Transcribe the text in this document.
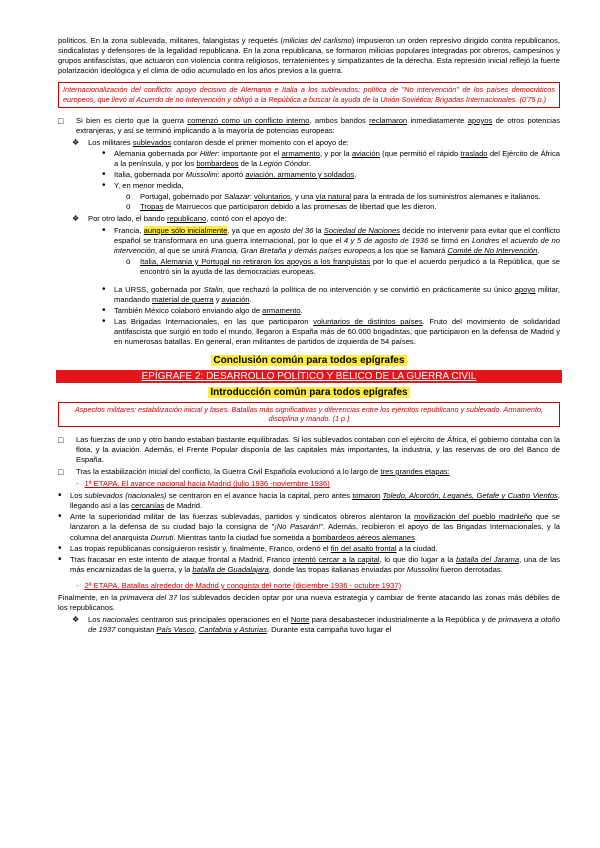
políticos. En la zona sublevada, militares, falangistas y requetés (milicias del carlismo) impusieron un orden represivo dirigido contra republicanos, sindicalistas y defensores de la legalidad republicana. En la zona republicana, se formaron milicias populares integradas por obreros, campesinos y grupos antifascistas, que actuaron con violencia contra religiosos, terratenientes y simpatizantes de la derecha. Esta represión inicial reflejó la fuerte polarización ideológica y el clima de odio acumulado en los años previos a la guerra.

Internacionalización del conflicto: apoyo decisivo de Alemania e Italia a los sublevados; política de "No intervención" de los países democráticos europeos, que llevó al Acuerdo de no Intervención y obligó a la República a buscar la ayuda de la Unión Soviética; Brigadas Internacionales. (0'75 p.)
□	Si bien es cierto que la guerra comenzó como un conflicto interno, ambos bandos reclamaron inmediatamente apoyos de otros potencias extranjeras, y así se terminó implicando a la mayoría de potencias europeas:
❖	Los militares sublevados contaron desde el primer momento con el apoyo de:
• Alemania gobernada por Hitler: importante por el armamento, y por la aviación (que permitió el rápido traslado del Ejército de África a la península, y por los bombardeos de la Legión Cóndor.
• Italia, gobernada por Mussolini: aportó aviación, armamento y soldados.
• Y, en menor medida,
o Portugal, gobernado por Salazar: voluntarios, y una vía natural para la entrada de los suministros alemanes e italianos.
o Tropas de Marruecos que participaron debido a las promesas de libertad que les dieron.
❖	Por otro lado, el bando republicano, contó con el apoyo de:
• Francia, aunque sólo inicialmente, ya que en agosto del 36 la Sociedad de Naciones decide no intervenir para evitar que el conflicto español se transformara en una guerra internacional, por lo que el 4 y 5 de agosto de 1936 se firmó en Londres el acuerdo de no intervención, al que se unirá Francia, Gran Bretaña y demás países europeos a los que se llamará Comité de No Intervención.
o Italia, Alemania y Portugal no retiraron los apoyos a los franquistas por lo que el acuerdo perjudicó a la República, que se encontró sin la ayuda de las democracias europeas.
• La URSS, gobernada por Stalin, que rechazó la política de no intervención y se convirtió en prácticamente su único apoyo militar, mandando material de guerra y aviación.
• También México colaboró enviando algo de armamento.
• Las Brigadas Internacionales, en las que participaron voluntarios de distintos países. Fruto del movimiento de solidaridad antifascista que surgió en todo el mundo, llegaron a España más de 60.000 brigadistas, que participaron en la defensa de Madrid y en numerosas batallas. En general, eran militantes de partidos de izquierda de 54 países.
Conclusión común para todos epígrafes
EPÍGRAFE 2: DESARROLLO POLÍTICO Y BÉLICO DE LA GUERRA CIVIL
Introducción común para todos epígrafes
Aspectos militares: estabilización inicial y fases. Batallas más significativas y diferencias entre los ejércitos republicano y sublevado. Armamento, disciplina y mando. (1 p.)
□	Las fuerzas de uno y otro bando estaban bastante equilibradas. Si los sublevados contaban con el ejército de África, el gobierno contaba con la flota, y la aviación. Además, el Frente Popular disponía de las capitales más importantes, la industria, y las reservas de oro del Banco de España.
□	Tras la estabilización inicial del conflicto, la Guerra Civil Española evolucionó a lo largo de tres grandes etapas:
- 1ª ETAPA. El avance nacional hacia Madrid (julio 1936 -noviembre 1936)
• Los sublevados (nacionales) se centraron en el avance hacia la capital, pero antes tomaron Toledo, Alcorcón, Leganés, Getafe y Cuatro Vientos, llegando así a las cercanías de Madrid.
• Ante la superioridad militar de las fuerzas sublevadas, partidos y sindicatos obreros alentaron la movilización del pueblo madrileño que se lanzaron a la defensa de su ciudad bajo la consigna de "¡No Pasarán!". Además, recibieron el apoyo de las Brigadas Internacionales, y la columna del anarquista Durruti. Mientras tanto la ciudad fue sometida a bombardeos aéreos alemanes.
• Las tropas republicanas consiguieron resistir y, finalmente, Franco, ordenó el fin del asalto frontal a la ciudad.
• Tras fracasar en este intento de ataque frontal a Madrid, Franco intentó cercar a la capital, lo que dio lugar a la batalla del Jarama, una de las más encarnizadas de la guerra, y la batalla de Guadalajara, donde las tropas italianas enviadas por Mussolini fueron derrotadas.
- 2ª ETAPA. Batallas alrededor de Madrid y conquista del norte (diciembre 1936 - octubre 1937)

Finalmente, en la primavera del 37 los sublevados deciden optar por una nueva estrategia y cambiar de frente atacando las zonas más débiles de los republicanos.

❖	Los nacionales centraron sus principales operaciones en el Norte para desabastecer industrialmente a la República y de primavera a otoño de 1937 conquistan País Vasco, Cantabria y Asturias. Durante esta campaña tuvo lugar el
